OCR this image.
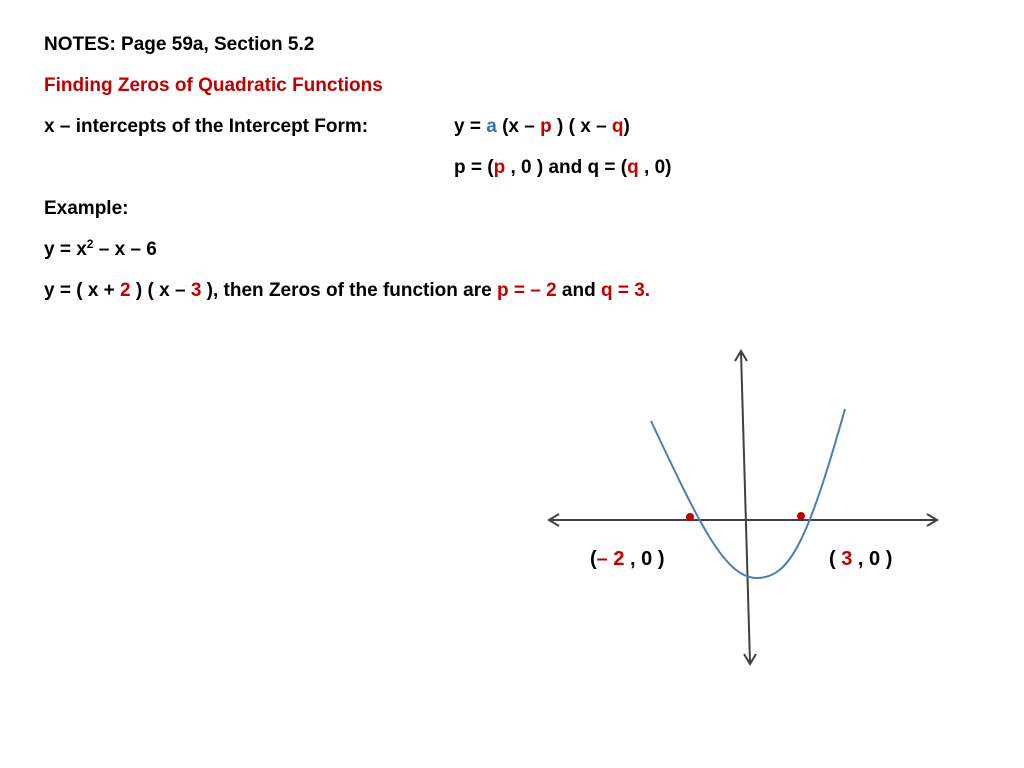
NOTES: Page 59a, Section 5.2
Finding Zeros of Quadratic Functions
x – intercepts of the Intercept Form:	y = a (x – p ) ( x – q)
p = (p , 0 ) and q = (q , 0)
Example:
$y = x^2 - x - 6$
y = ( x + 2 ) ( x – 3 ), then Zeros of the function are p = – 2 and q = 3.
(– 2 , 0 )	( 3 , 0 )
